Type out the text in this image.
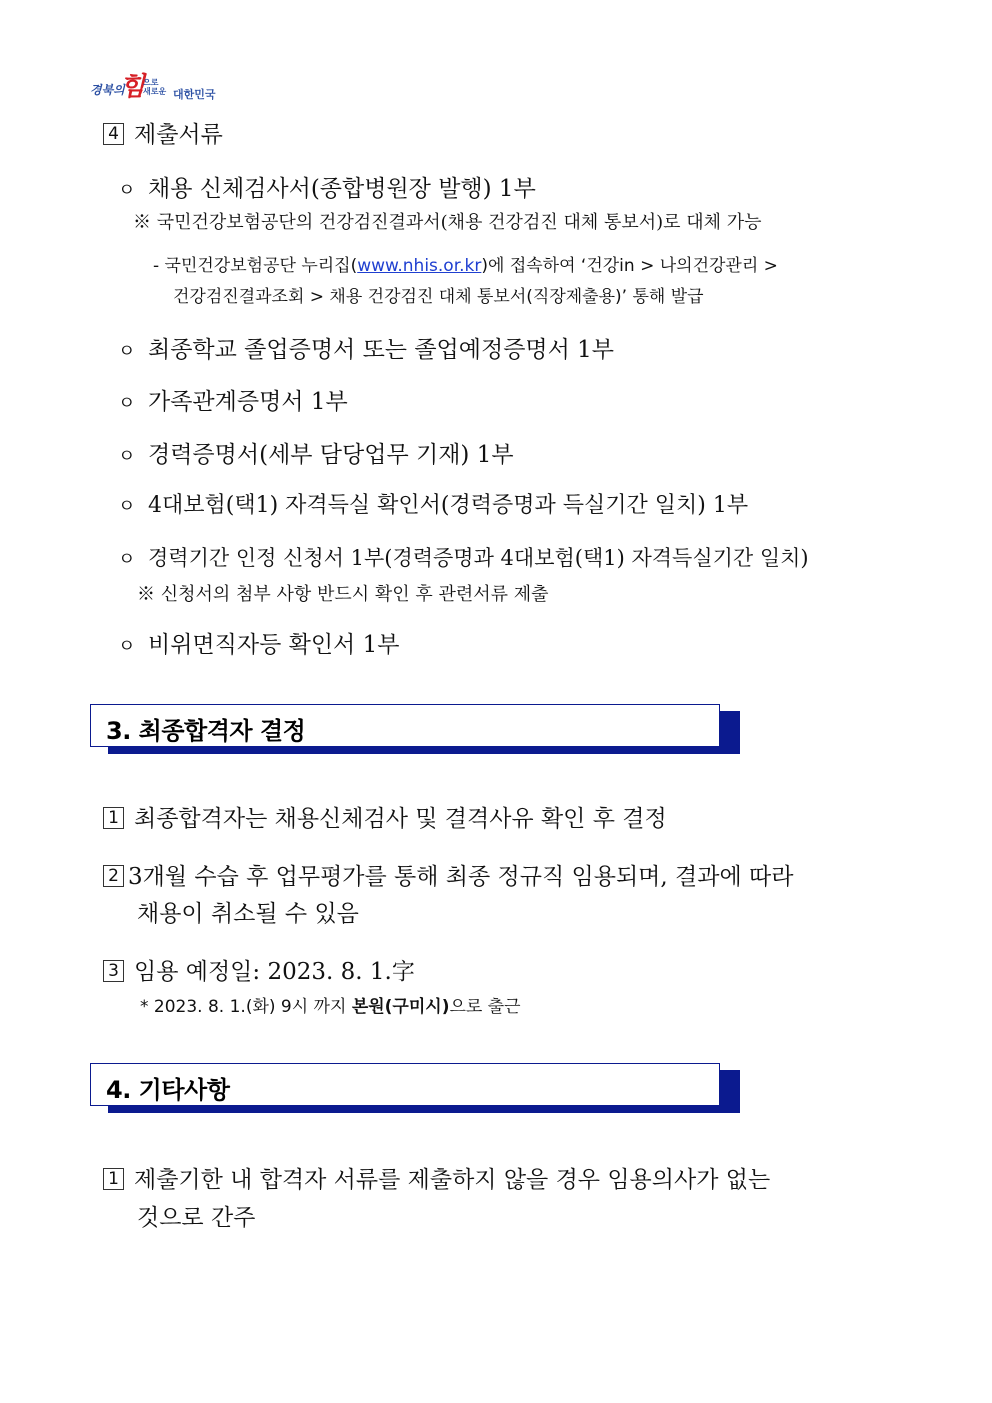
경북의
힘
으로
새로운 대한민국
4 제출서류
ㅇ 채용 신체검사서(종합병원장 발행) 1부
※ 국민건강보험공단의 건강검진결과서(채용 건강검진 대체 통보서)로 대체 가능
- 국민건강보험공단 누리집(www.nhis.or.kr)에 접속하여 ‘건강in > 나의건강관리 >
건강검진결과조회 > 채용 건강검진 대체 통보서(직장제출용)’ 통해 발급
ㅇ 최종학교 졸업증명서 또는 졸업예정증명서 1부
ㅇ 가족관계증명서 1부
ㅇ 경력증명서(세부 담당업무 기재) 1부
ㅇ 4대보험(택1) 자격득실 확인서(경력증명과 득실기간 일치) 1부
ㅇ 경력기간 인정 신청서 1부(경력증명과 4대보험(택1) 자격득실기간 일치)
※ 신청서의 첨부 사항 반드시 확인 후 관련서류 제출
ㅇ 비위면직자등 확인서 1부
3. 최종합격자 결정
1 최종합격자는 채용신체검사 및 결격사유 확인 후 결정
2 3개월 수습 후 업무평가를 통해 최종 정규직 임용되며, 결과에 따라
채용이 취소될 수 있음
3 임용 예정일: 2023. 8. 1.字
* 2023. 8. 1.(화) 9시 까지 본원(구미시)으로 출근
4. 기타사항
1 제출기한 내 합격자 서류를 제출하지 않을 경우 임용의사가 없는
것으로 간주
